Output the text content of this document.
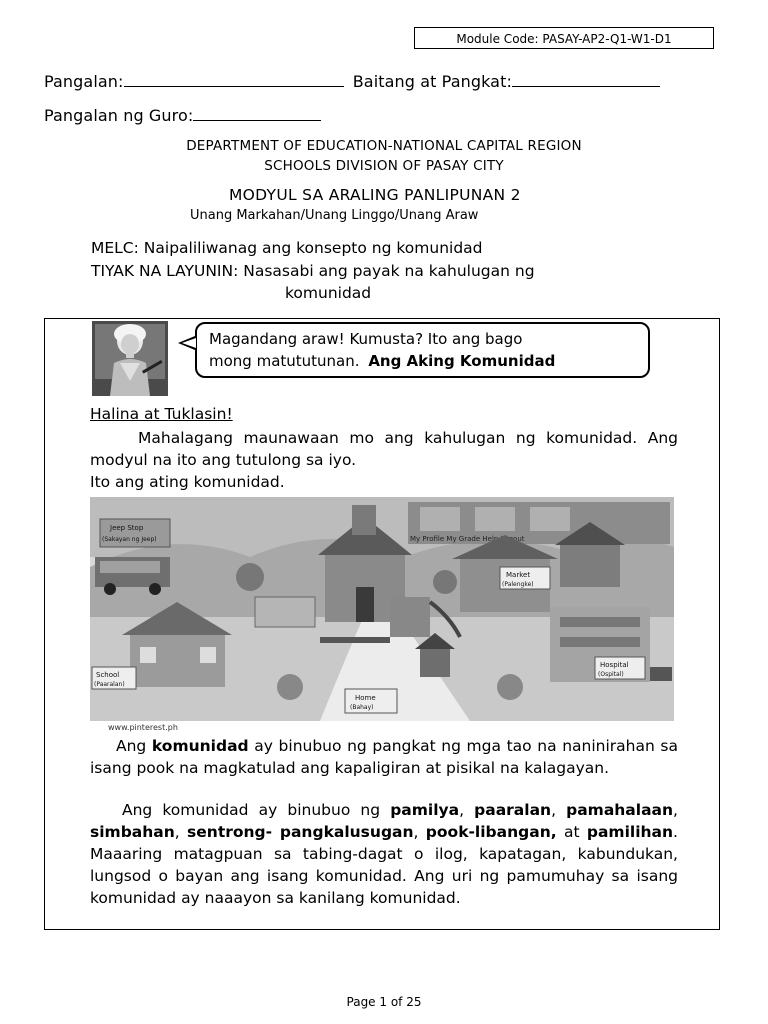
Module Code: PASAY-AP2-Q1-W1-D1
Pangalan:	Baitang at Pangkat:
Pangalan ng Guro:
DEPARTMENT OF EDUCATION-NATIONAL CAPITAL REGION
SCHOOLS DIVISION OF PASAY CITY
MODYUL SA ARALING PANLIPUNAN 2
Unang Markahan/Unang Linggo/Unang Araw
MELC: Naipaliliwanag ang konsepto ng komunidad
TIYAK NA LAYUNIN: Nasasabi ang payak na kahulugan ng
komunidad
Magandang araw! Kumusta? Ito ang bago
mong matututunan. Ang Aking Komunidad
Halina at Tuklasin!
Mahalagang maunawaan mo ang kahulugan ng komunidad. Ang modyul na ito ang tutulong sa iyo.
Ito ang ating komunidad.
My Profile My Grade Help Logout
Jeep Stop
(Sakayan ng Jeep)
School
(Paaralan)
Market
(Palengke)
Hospital
(Ospital)
Home
(Bahay)
www.pinterest.ph
Ang komunidad ay binubuo ng pangkat ng mga tao na naninirahan sa isang pook na magkatulad ang kapaligiran at pisikal na kalagayan.
Ang komunidad ay binubuo ng pamilya, paaralan, pamahalaan, simbahan, sentrong- pangkalusugan, pook-libangan, at pamilihan. Maaaring matagpuan sa tabing-dagat o ilog, kapatagan, kabundukan, lungsod o bayan ang isang komunidad. Ang uri ng pamumuhay sa isang komunidad ay naaayon sa kanilang komunidad.
Page 1 of 25
